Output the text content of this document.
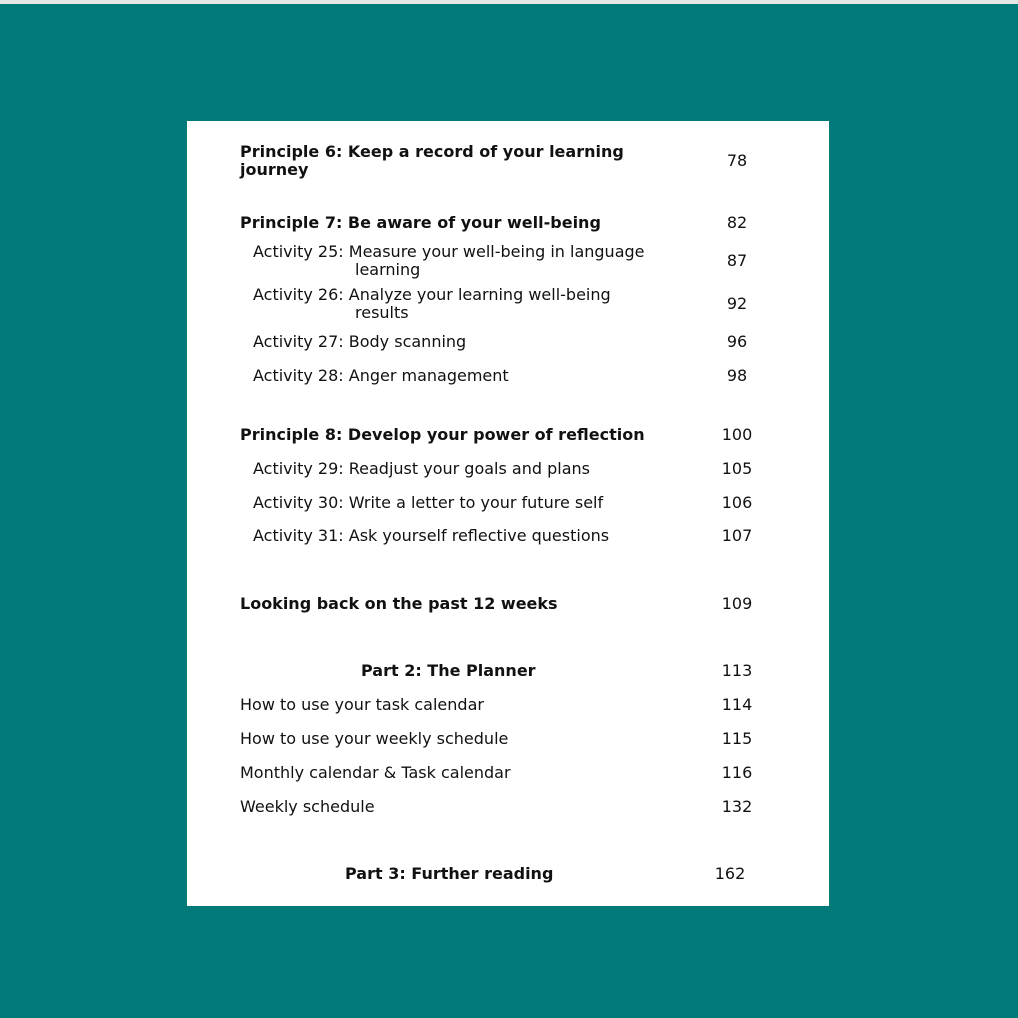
Principle 6: Keep a record of your learning
journey	78
Principle 7: Be aware of your well-being	82
Activity 25: Measure your well-being in language
learning	87
Activity 26: Analyze your learning well-being
results	92
Activity 27: Body scanning	96
Activity 28: Anger management	98
Principle 8: Develop your power of reflection	100
Activity 29: Readjust your goals and plans	105
Activity 30: Write a letter to your future self	106
Activity 31: Ask yourself reflective questions	107
Looking back on the past 12 weeks	109
Part 2: The Planner	113
How to use your task calendar	114
How to use your weekly schedule	115
Monthly calendar & Task calendar	116
Weekly schedule	132
Part 3: Further reading	162
